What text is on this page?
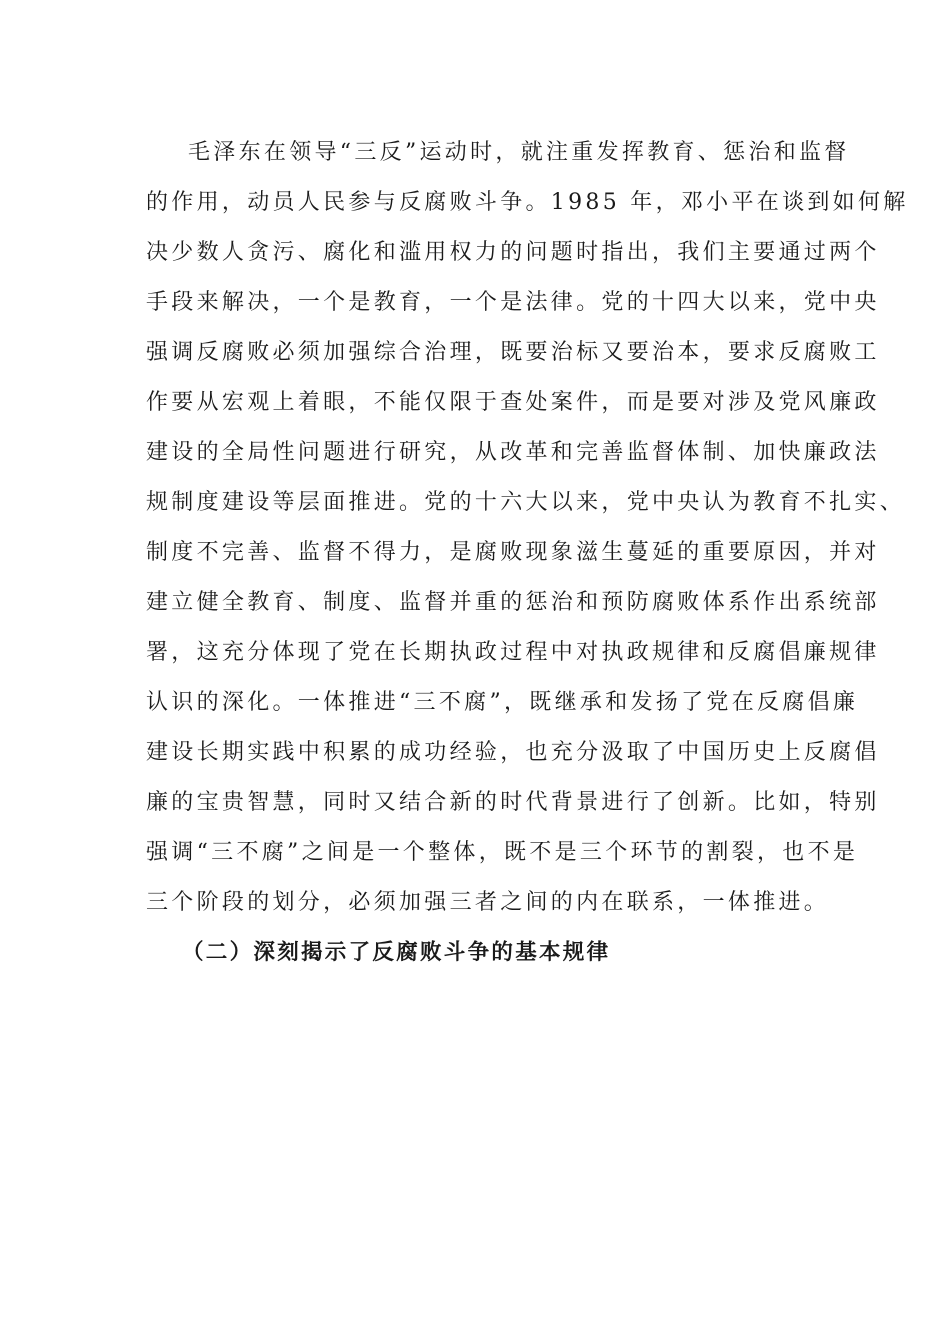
毛泽东在领导“三反”运动时，就注重发挥教育、惩治和监督
的作用，动员人民参与反腐败斗争。1985 年，邓小平在谈到如何解
决少数人贪污、腐化和滥用权力的问题时指出，我们主要通过两个
手段来解决，一个是教育，一个是法律。党的十四大以来，党中央
强调反腐败必须加强综合治理，既要治标又要治本，要求反腐败工
作要从宏观上着眼，不能仅限于查处案件，而是要对涉及党风廉政
建设的全局性问题进行研究，从改革和完善监督体制、加快廉政法
规制度建设等层面推进。党的十六大以来，党中央认为教育不扎实、
制度不完善、监督不得力，是腐败现象滋生蔓延的重要原因，并对
建立健全教育、制度、监督并重的惩治和预防腐败体系作出系统部
署，这充分体现了党在长期执政过程中对执政规律和反腐倡廉规律
认识的深化。一体推进“三不腐”，既继承和发扬了党在反腐倡廉
建设长期实践中积累的成功经验，也充分汲取了中国历史上反腐倡
廉的宝贵智慧，同时又结合新的时代背景进行了创新。比如，特别
强调“三不腐”之间是一个整体，既不是三个环节的割裂，也不是
三个阶段的划分，必须加强三者之间的内在联系，一体推进。
（二）深刻揭示了反腐败斗争的基本规律
